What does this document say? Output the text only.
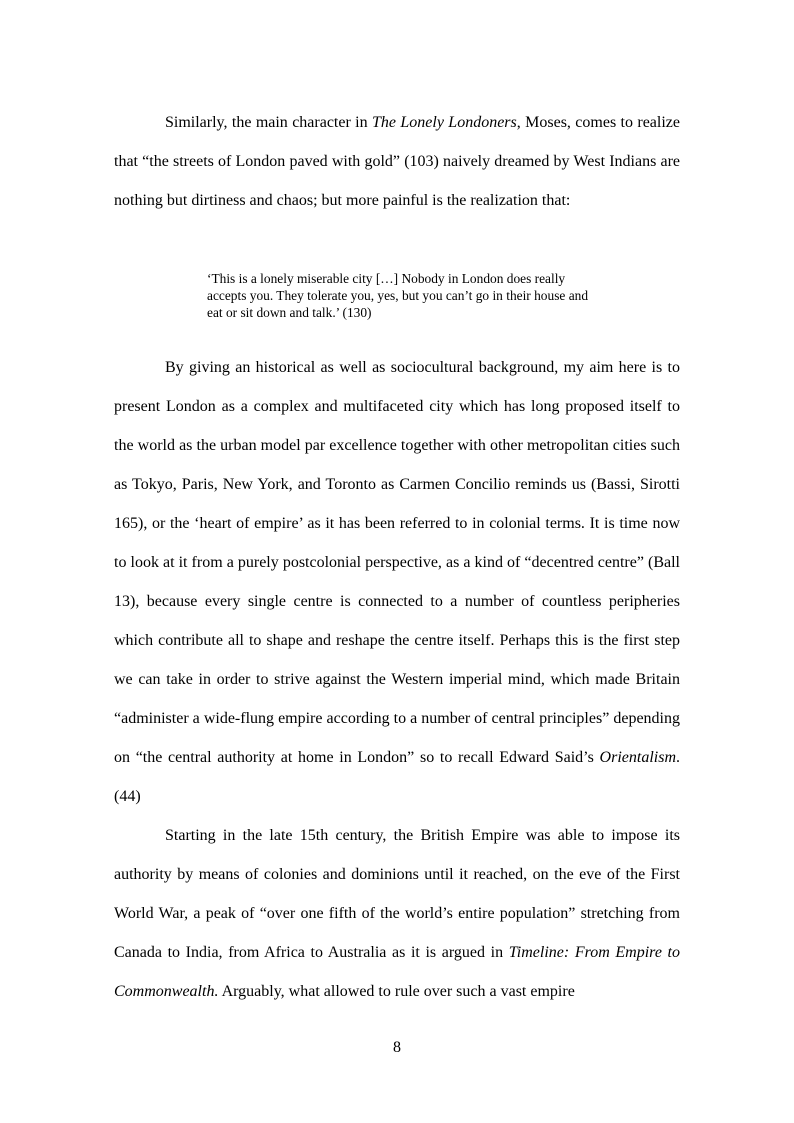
Similarly, the main character in The Lonely Londoners, Moses, comes to realize that “the streets of London paved with gold” (103) naively dreamed by West Indians are nothing but dirtiness and chaos; but more painful is the realization that:

‘This is a lonely miserable city […] Nobody in London does really accepts you. They tolerate you, yes, but you can’t go in their house and eat or sit down and talk.’ (130)

By giving an historical as well as sociocultural background, my aim here is to present London as a complex and multifaceted city which has long proposed itself to the world as the urban model par excellence together with other metropolitan cities such as Tokyo, Paris, New York, and Toronto as Carmen Concilio reminds us (Bassi, Sirotti 165), or the ‘heart of empire’ as it has been referred to in colonial terms. It is time now to look at it from a purely postcolonial perspective, as a kind of “decentred centre” (Ball 13), because every single centre is connected to a number of countless peripheries which contribute all to shape and reshape the centre itself. Perhaps this is the first step we can take in order to strive against the Western imperial mind, which made Britain “administer a wide-flung empire according to a number of central principles” depending on “the central authority at home in London” so to recall Edward Said’s Orientalism. (44)

Starting in the late 15th century, the British Empire was able to impose its authority by means of colonies and dominions until it reached, on the eve of the First World War, a peak of “over one fifth of the world’s entire population” stretching from Canada to India, from Africa to Australia as it is argued in Timeline: From Empire to Commonwealth. Arguably, what allowed to rule over such a vast empire

8
